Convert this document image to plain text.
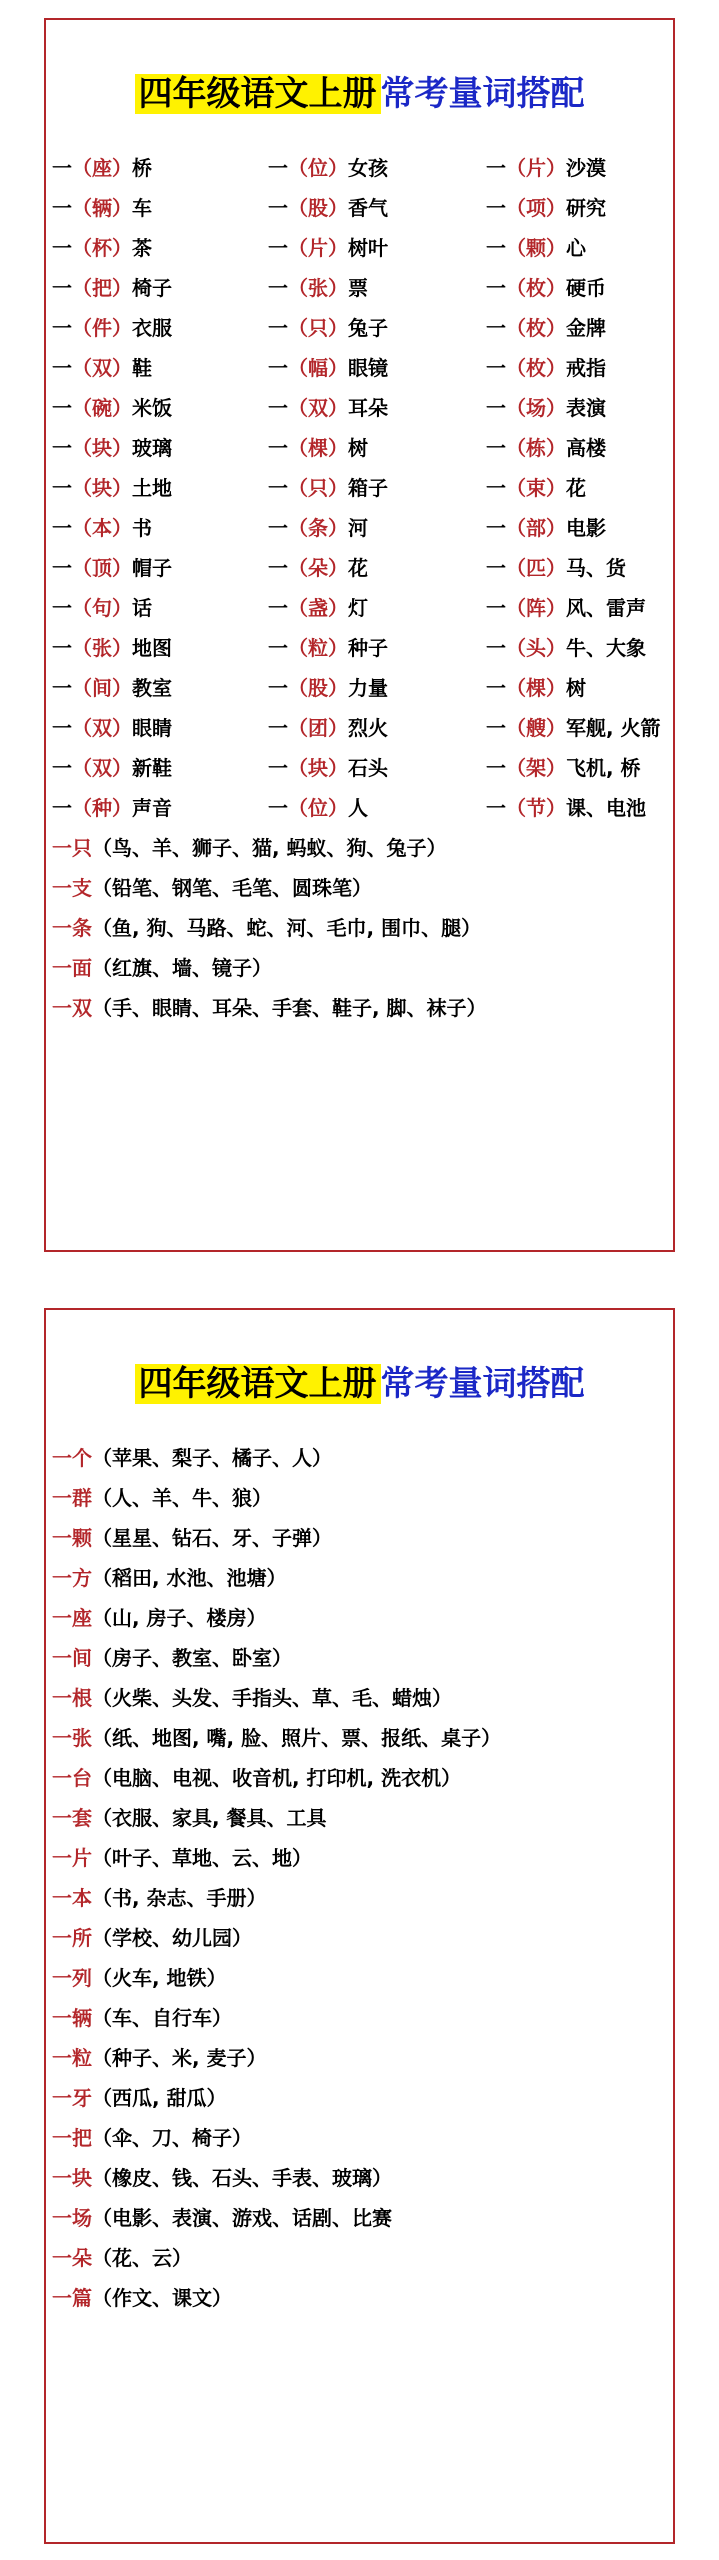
四年级语文上册 常考量词搭配
一（座）桥	一（位）女孩	一（片）沙漠
一（辆）车	一（股）香气	一（项）研究
一（杯）茶	一（片）树叶	一（颗）心
一（把）椅子	一（张）票	一（枚）硬币
一（件）衣服	一（只）兔子	一（枚）金牌
一（双）鞋	一（幅）眼镜	一（枚）戒指
一（碗）米饭	一（双）耳朵	一（场）表演
一（块）玻璃	一（棵）树	一（栋）高楼
一（块）土地	一（只）箱子	一（束）花
一（本）书	一（条）河	一（部）电影
一（顶）帽子	一（朵）花	一（匹）马、货
一（句）话	一（盏）灯	一（阵）风、雷声
一（张）地图	一（粒）种子	一（头）牛、大象
一（间）教室	一（股）力量	一（棵）树
一（双）眼睛	一（团）烈火	一（艘）军舰, 火箭
一（双）新鞋	一（块）石头	一（架）飞机, 桥
一（种）声音	一（位）人	一（节）课、电池
一只（鸟、羊、狮子、猫, 蚂蚁、狗、兔子）
一支（铅笔、钢笔、毛笔、圆珠笔）
一条（鱼, 狗、马路、蛇、河、毛巾, 围巾、腿）
一面（红旗、墙、镜子）
一双（手、眼睛、耳朵、手套、鞋子, 脚、袜子）
四年级语文上册 常考量词搭配
一个（苹果、梨子、橘子、人）
一群（人、羊、牛、狼）
一颗（星星、钻石、牙、子弹）
一方（稻田, 水池、池塘）
一座（山, 房子、楼房）
一间（房子、教室、卧室）
一根（火柴、头发、手指头、草、毛、蜡烛）
一张（纸、地图, 嘴, 脸、照片、票、报纸、桌子）
一台（电脑、电视、收音机, 打印机, 洗衣机）
一套（衣服、家具, 餐具、工具
一片（叶子、草地、云、地）
一本（书, 杂志、手册）
一所（学校、幼儿园）
一列（火车, 地铁）
一辆（车、自行车）
一粒（种子、米, 麦子）
一牙（西瓜, 甜瓜）
一把（伞、刀、椅子）
一块（橡皮、钱、石头、手表、玻璃）
一场（电影、表演、游戏、话剧、比赛
一朵（花、云）
一篇（作文、课文）
